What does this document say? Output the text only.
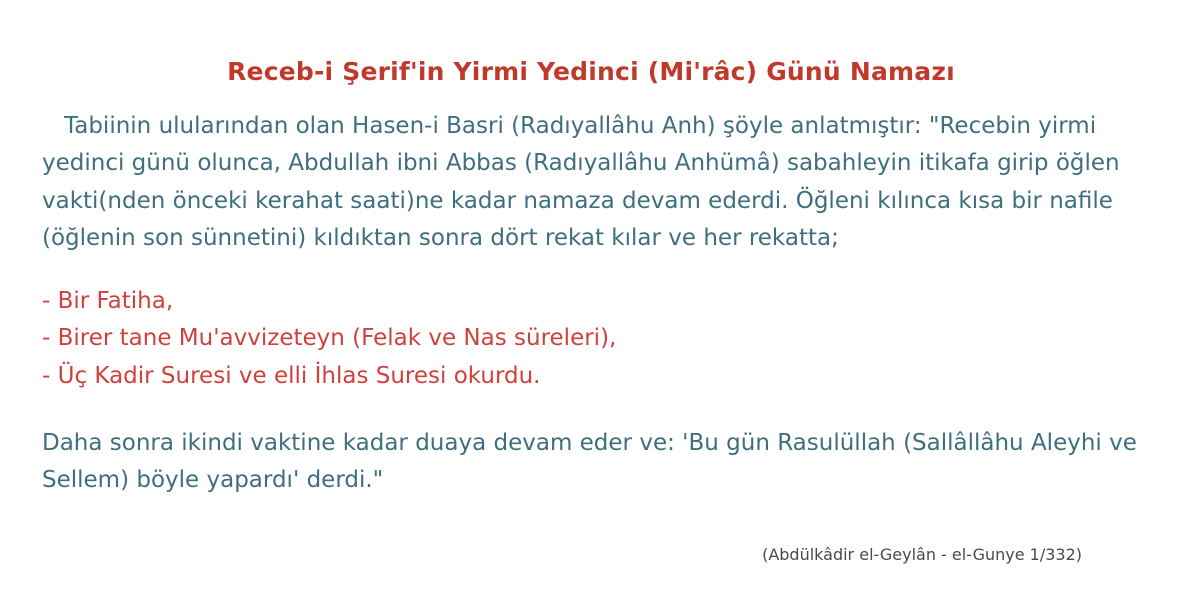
Receb-i Şerif'in Yirmi Yedinci (Mi'râc) Günü Namazı

Tabiinin ulularından olan Hasen-i Basri (Radıyallâhu Anh) şöyle anlatmıştır: "Recebin yirmi yedinci günü olunca, Abdullah ibni Abbas (Radıyallâhu Anhümâ) sabahleyin itikafa girip öğlen vakti(nden önceki kerahat saati)ne kadar namaza devam ederdi. Öğleni kılınca kısa bir nafile (öğlenin son sünnetini) kıldıktan sonra dört rekat kılar ve her rekatta;

- Bir Fatiha,
- Birer tane Mu'avvizeteyn (Felak ve Nas süreleri),
- Üç Kadir Suresi ve elli İhlas Suresi okurdu.

Daha sonra ikindi vaktine kadar duaya devam eder ve: 'Bu gün Rasulüllah (Sallâllâhu Aleyhi ve Sellem) böyle yapardı' derdi."

(Abdülkâdir el-Geylân - el-Gunye 1/332)
